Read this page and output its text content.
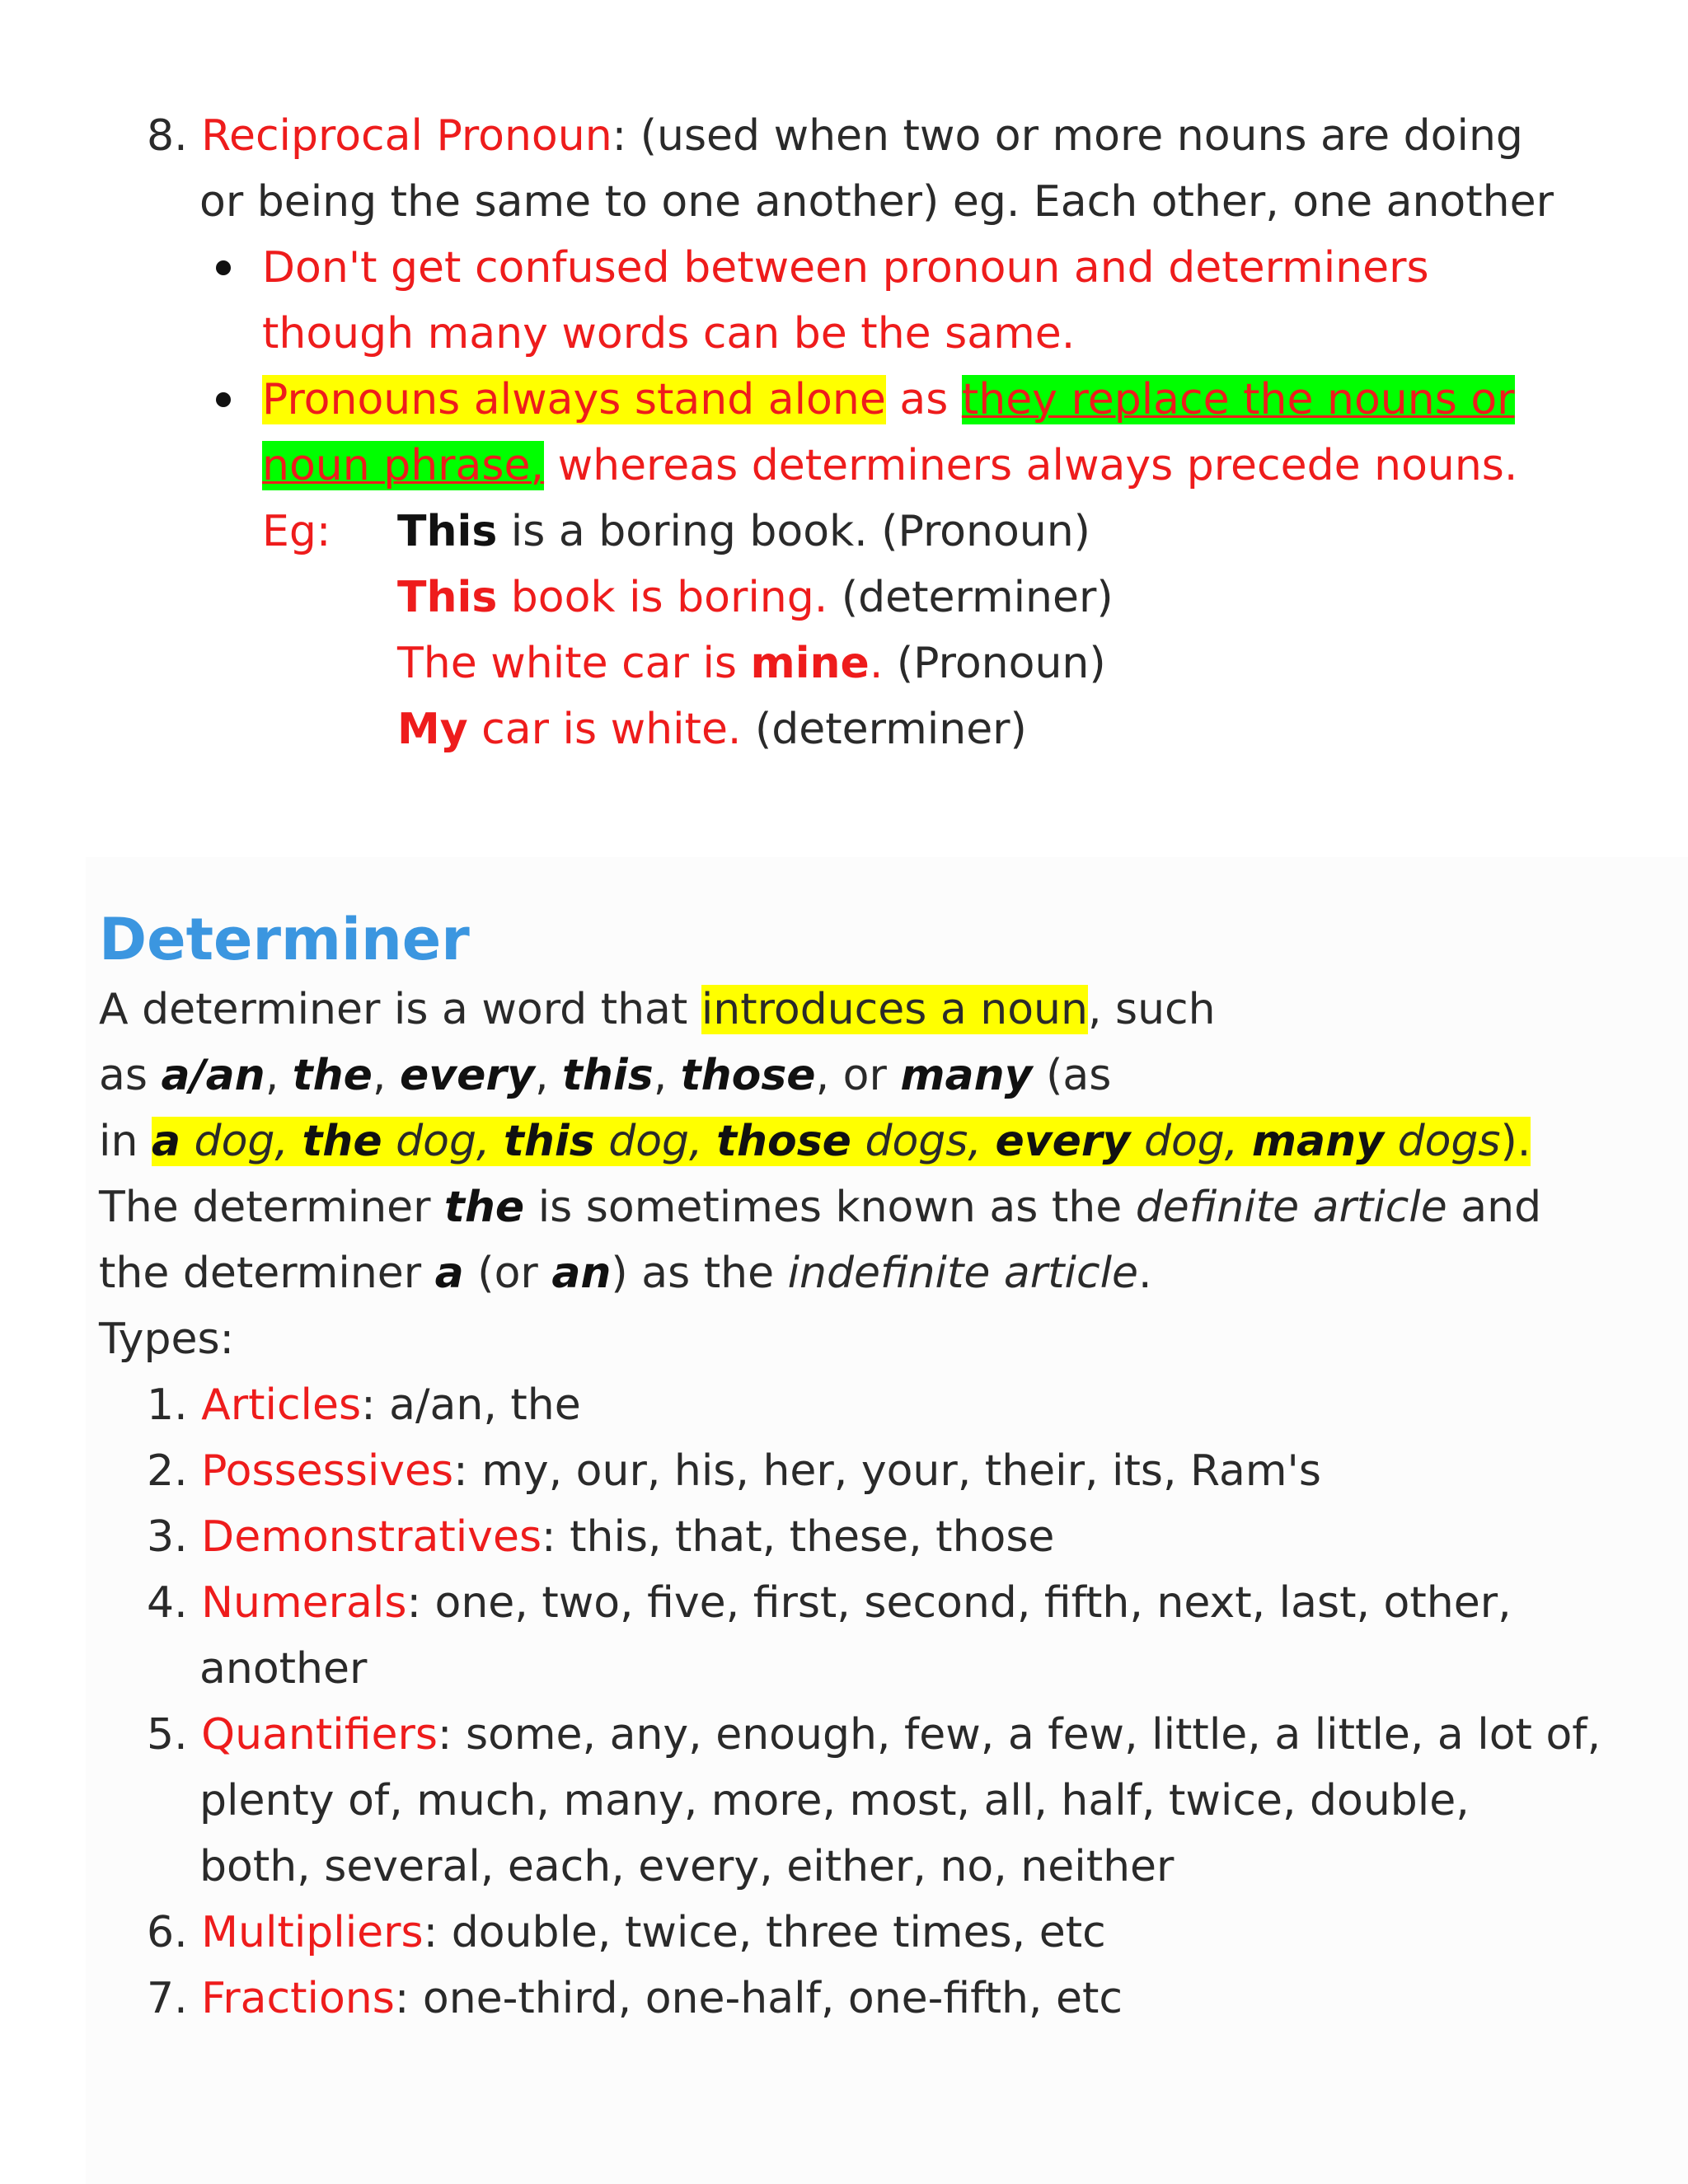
8. Reciprocal Pronoun: (used when two or more nouns are doing
or being the same to one another) eg. Each other, one another
Don't get confused between pronoun and determiners
though many words can be the same.
Pronouns always stand alone as they replace the nouns or
noun phrase, whereas determiners always precede nouns.
Eg: This is a boring book. (Pronoun)
This book is boring. (determiner)
The white car is mine. (Pronoun)
My car is white. (determiner)
Determiner
A determiner is a word that introduces a noun, such
as a/an, the, every, this, those, or many (as
in a dog, the dog, this dog, those dogs, every dog, many dogs).
The determiner the is sometimes known as the definite article and
the determiner a (or an) as the indefinite article.
Types:
1. Articles: a/an, the
2. Possessives: my, our, his, her, your, their, its, Ram's
3. Demonstratives: this, that, these, those
4. Numerals: one, two, five, first, second, fifth, next, last, other,
another
5. Quantifiers: some, any, enough, few, a few, little, a little, a lot of,
plenty of, much, many, more, most, all, half, twice, double,
both, several, each, every, either, no, neither
6. Multipliers: double, twice, three times, etc
7. Fractions: one-third, one-half, one-fifth, etc
